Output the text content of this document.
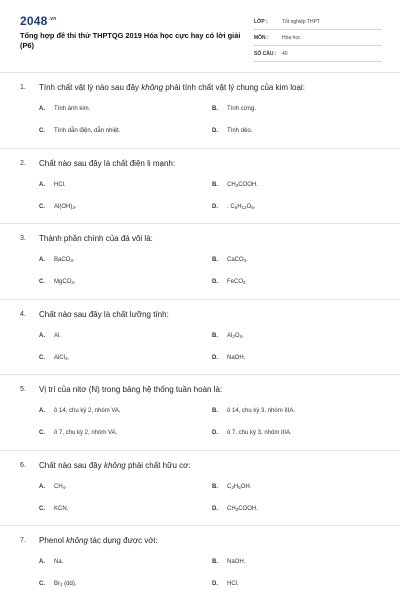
$2048^{.vn}$
Tổng hợp đề thi thử THPTQG 2019 Hóa học cực hay có lời giải (P6)
LỚP :	Tốt nghiệp THPT
MÔN :	Hóa học
SỐ CÂU :	40
1. Tính chất vật lý nào sau đây không phải tính chất vật lý chung của kim loại:
A.	Tính ánh kim.	B.	Tính cứng.
C.	Tính dẫn điện, dẫn nhiệt.	D.	Tính dẻo.
2. Chất nào sau đây là chất điện li mạnh:
A.	HCl.	B.	$CH_3COOH$.
C.	$Al(OH)_3$.	D.	. $C_6H_{12}O_6$.
3. Thành phần chính của đá vôi là:
A.	BaCO$_3$.	B.	CaCO$_3$.
C.	MgCO$_3$.	D.	FeCO$_3$
4. Chất nào sau đây là chất lưỡng tính:
A.	Al.	B.	$Al_2O_3$.
C.	AlCl$_3$.	D.	NaOH.
5. Vị trí của nitơ (N) trong bảng hệ thống tuần hoàn là:
A.	ô 14, chu kỳ 2, nhóm VA.	B.	ô 14, chu kỳ 3, nhóm IIIA.
C.	ô 7, chu kỳ 2, nhóm VA.	D.	ô 7, chu kỳ 3, nhóm IIIA.
6. Chất nào sau đây không phải chất hữu cơ:
A.	$CH_4$.	B.	$C_2H_5OH$.
C.	KCN.	D.	$CH_3COOH$.
7. Phenol không tác dụng được với:
A.	Na.	B.	NaOH.
C.	$Br_2$ (dd).	D.	HCl.
